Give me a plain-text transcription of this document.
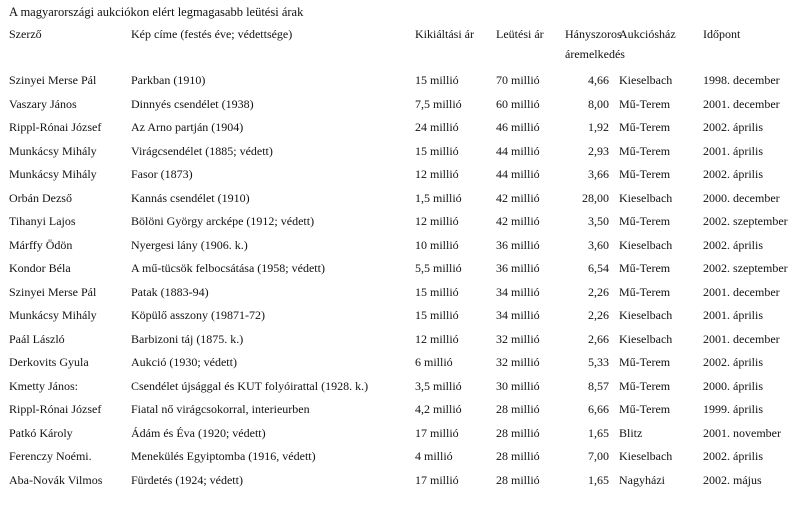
A magyarországi aukciókon elért legmagasabb leütési árak
Szerző	Kép címe (festés éve; védettsége)	Kikiáltási ár	Leütési ár	Hányszoros
áremelkedés	Aukciósház	Időpont
Szinyei Merse Pál	Parkban (1910)	15 millió	70 millió	4,66	Kieselbach	1998. december
Vaszary János	Dinnyés csendélet (1938)	7,5 millió	60 millió	8,00	Mű-Terem	2001. december
Rippl-Rónai József	Az Arno partján (1904)	24 millió	46 millió	1,92	Mű-Terem	2002. április
Munkácsy Mihály	Virágcsendélet (1885; védett)	15 millió	44 millió	2,93	Mű-Terem	2001. április
Munkácsy Mihály	Fasor (1873)	12 millió	44 millió	3,66	Mű-Terem	2002. április
Orbán Dezső	Kannás csendélet (1910)	1,5 millió	42 millió	28,00	Kieselbach	2000. december
Tihanyi Lajos	Bölöni György arcképe (1912; védett)	12 millió	42 millió	3,50	Mű-Terem	2002. szeptember
Márffy Ödön	Nyergesi lány (1906. k.)	10 millió	36 millió	3,60	Kieselbach	2002. április
Kondor Béla	A mű-tücsök felbocsátása (1958; védett)	5,5 millió	36 millió	6,54	Mű-Terem	2002. szeptember
Szinyei Merse Pál	Patak (1883-94)	15 millió	34 millió	2,26	Mű-Terem	2001. december
Munkácsy Mihály	Köpülő asszony (19871-72)	15 millió	34 millió	2,26	Kieselbach	2001. április
Paál László	Barbizoni táj (1875. k.)	12 millió	32 millió	2,66	Kieselbach	2001. december
Derkovits Gyula	Aukció (1930; védett)	6 millió	32 millió	5,33	Mű-Terem	2002. április
Kmetty János:	Csendélet újsággal és KUT folyóirattal (1928. k.)	3,5 millió	30 millió	8,57	Mű-Terem	2000. április
Rippl-Rónai József	Fiatal nő virágcsokorral, interieurben	4,2 millió	28 millió	6,66	Mű-Terem	1999. április
Patkó Károly	Ádám és Éva (1920; védett)	17 millió	28 millió	1,65	Blitz	2001. november
Ferenczy Noémi.	Menekülés Egyiptomba (1916, védett)	4 millió	28 millió	7,00	Kieselbach	2002. április
Aba-Novák Vilmos	Fürdetés (1924; védett)	17 millió	28 millió	1,65	Nagyházi	2002. május
